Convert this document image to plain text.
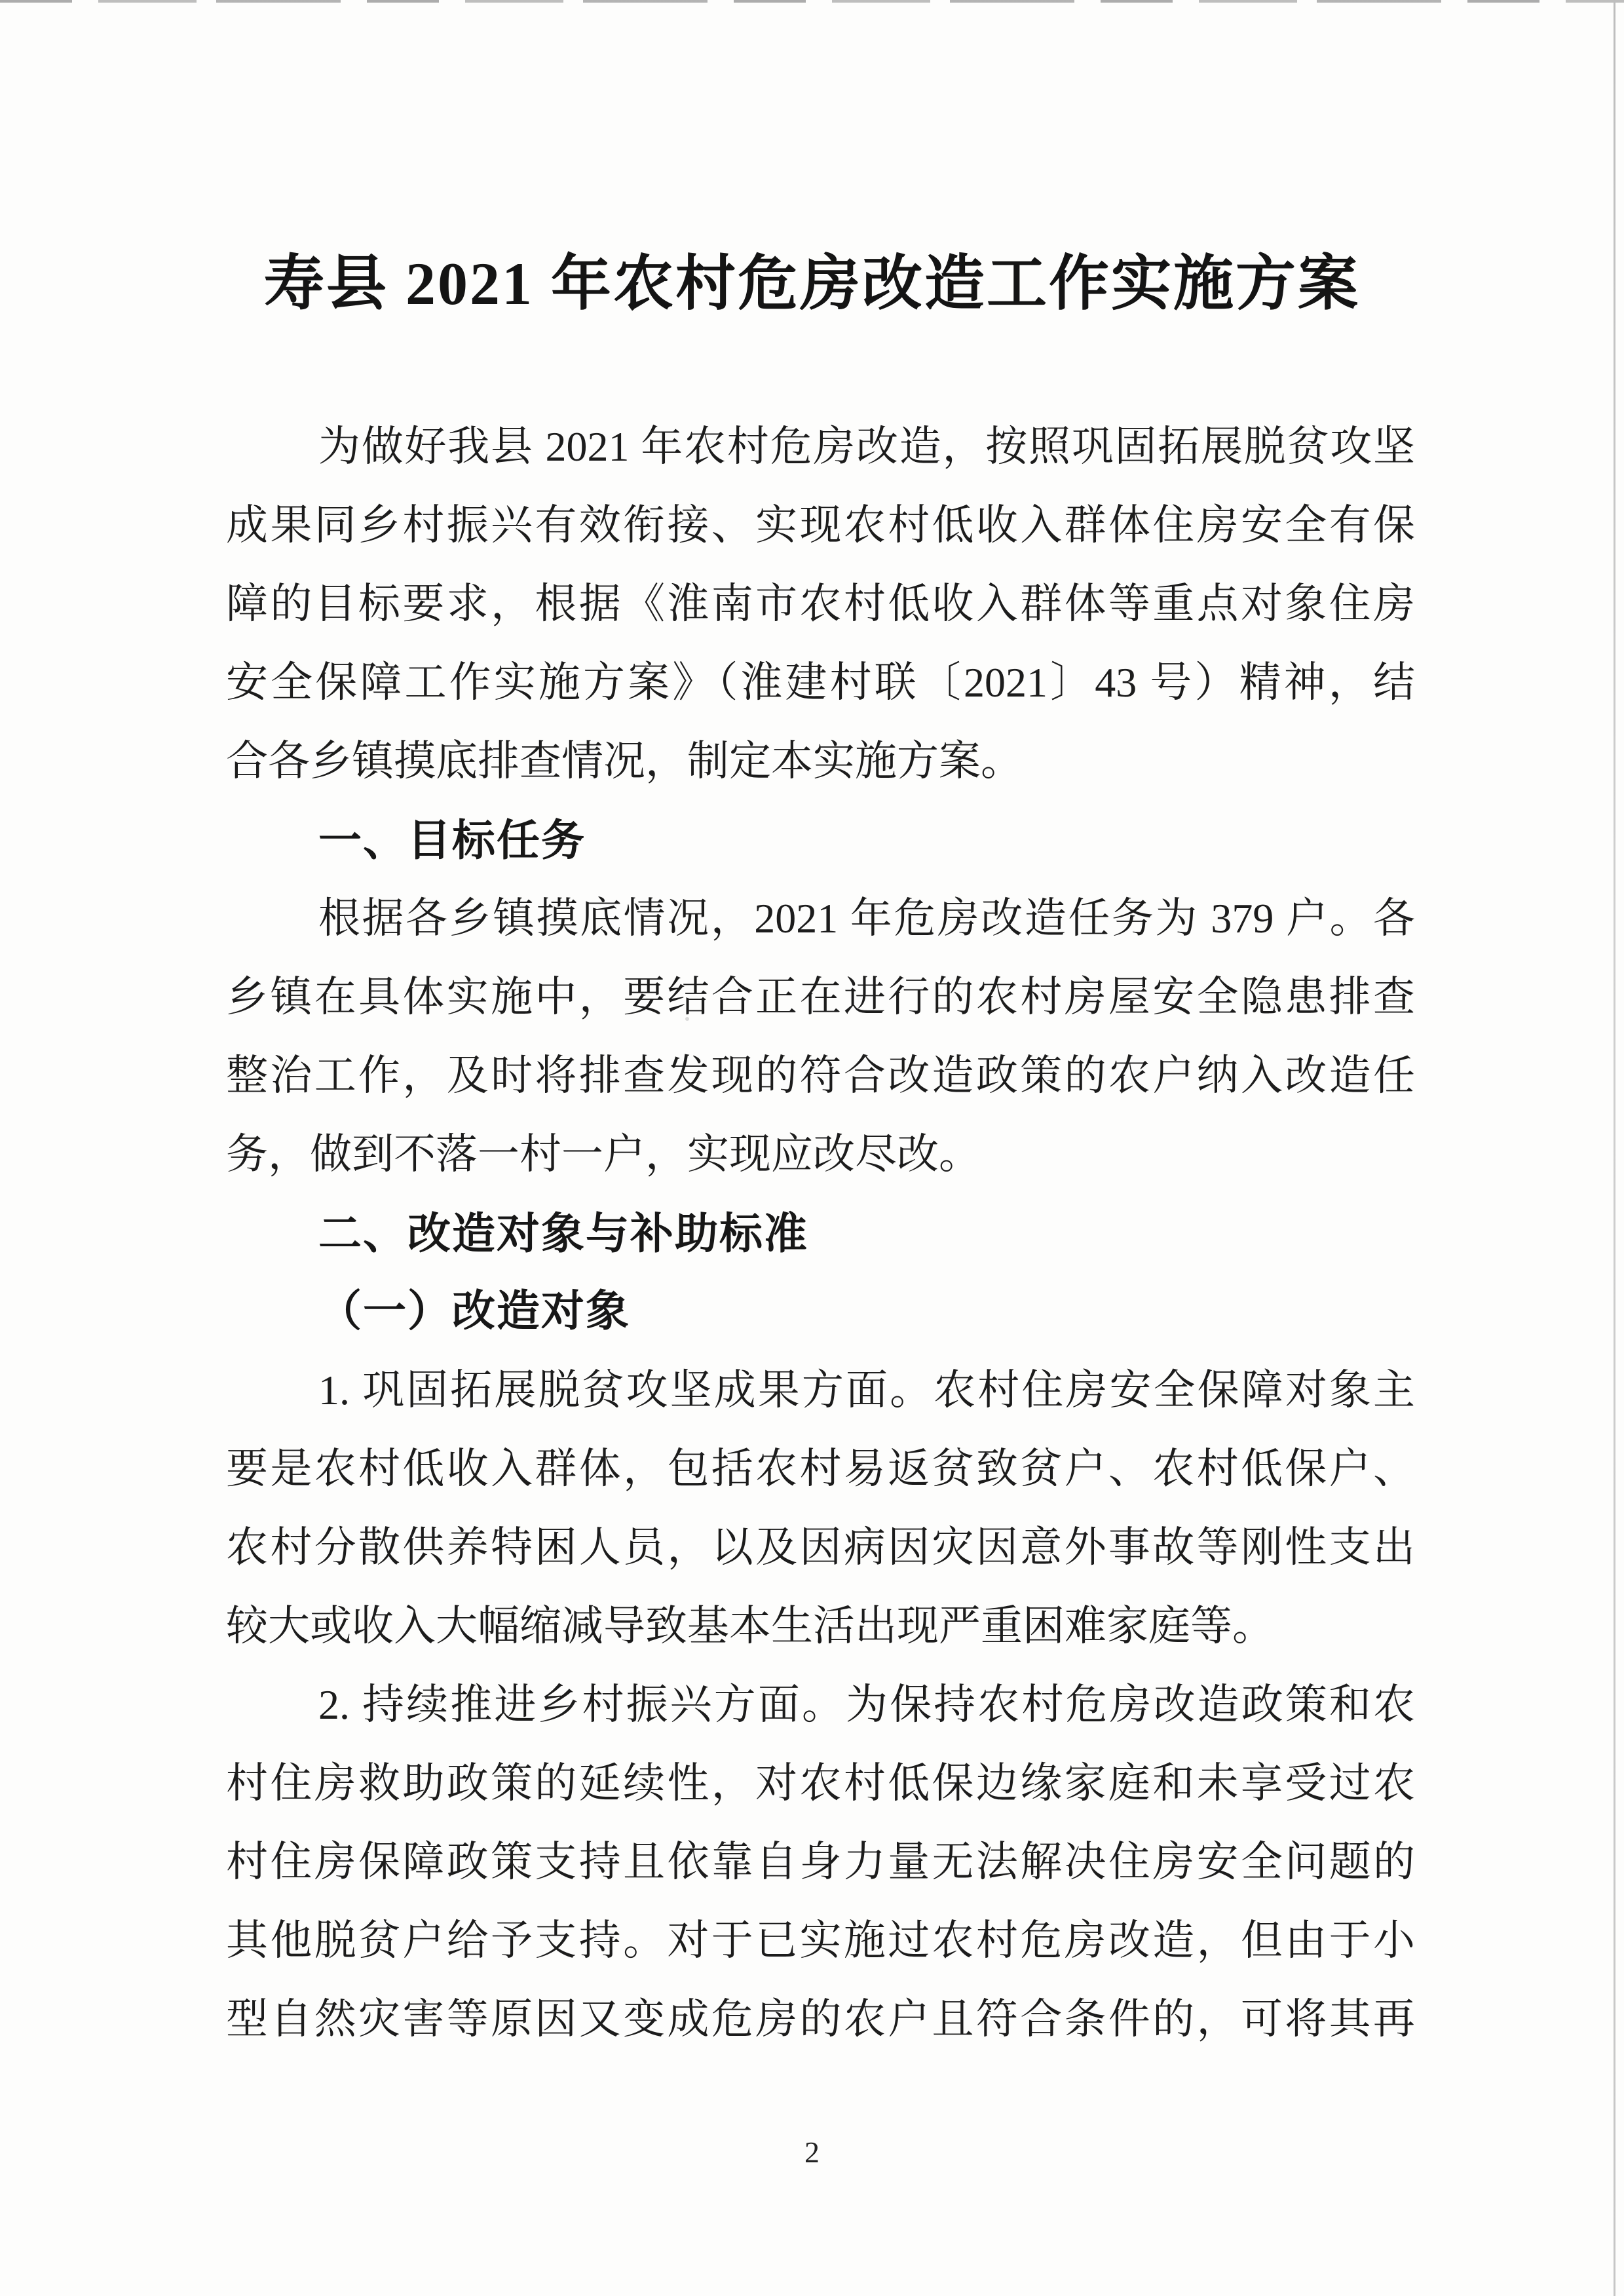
寿县 2021 年农村危房改造工作实施方案
为做好我县 2021 年农村危房改造，按照巩固拓展脱贫攻坚
成果同乡村振兴有效衔接、实现农村低收入群体住房安全有保
障的目标要求，根据《淮南市农村低收入群体等重点对象住房
安全保障工作实施方案》（淮建村联〔2021〕43 号）精神，结
合各乡镇摸底排查情况，制定本实施方案。
一、目标任务
根据各乡镇摸底情况，2021 年危房改造任务为 379 户。各
乡镇在具体实施中，要结合正在进行的农村房屋安全隐患排查
整治工作，及时将排查发现的符合改造政策的农户纳入改造任
务，做到不落一村一户，实现应改尽改。
二、改造对象与补助标准
（一）改造对象
1. 巩固拓展脱贫攻坚成果方面。农村住房安全保障对象主
要是农村低收入群体，包括农村易返贫致贫户、农村低保户、
农村分散供养特困人员，以及因病因灾因意外事故等刚性支出
较大或收入大幅缩减导致基本生活出现严重困难家庭等。
2. 持续推进乡村振兴方面。为保持农村危房改造政策和农
村住房救助政策的延续性，对农村低保边缘家庭和未享受过农
村住房保障政策支持且依靠自身力量无法解决住房安全问题的
其他脱贫户给予支持。对于已实施过农村危房改造，但由于小
型自然灾害等原因又变成危房的农户且符合条件的，可将其再
2
